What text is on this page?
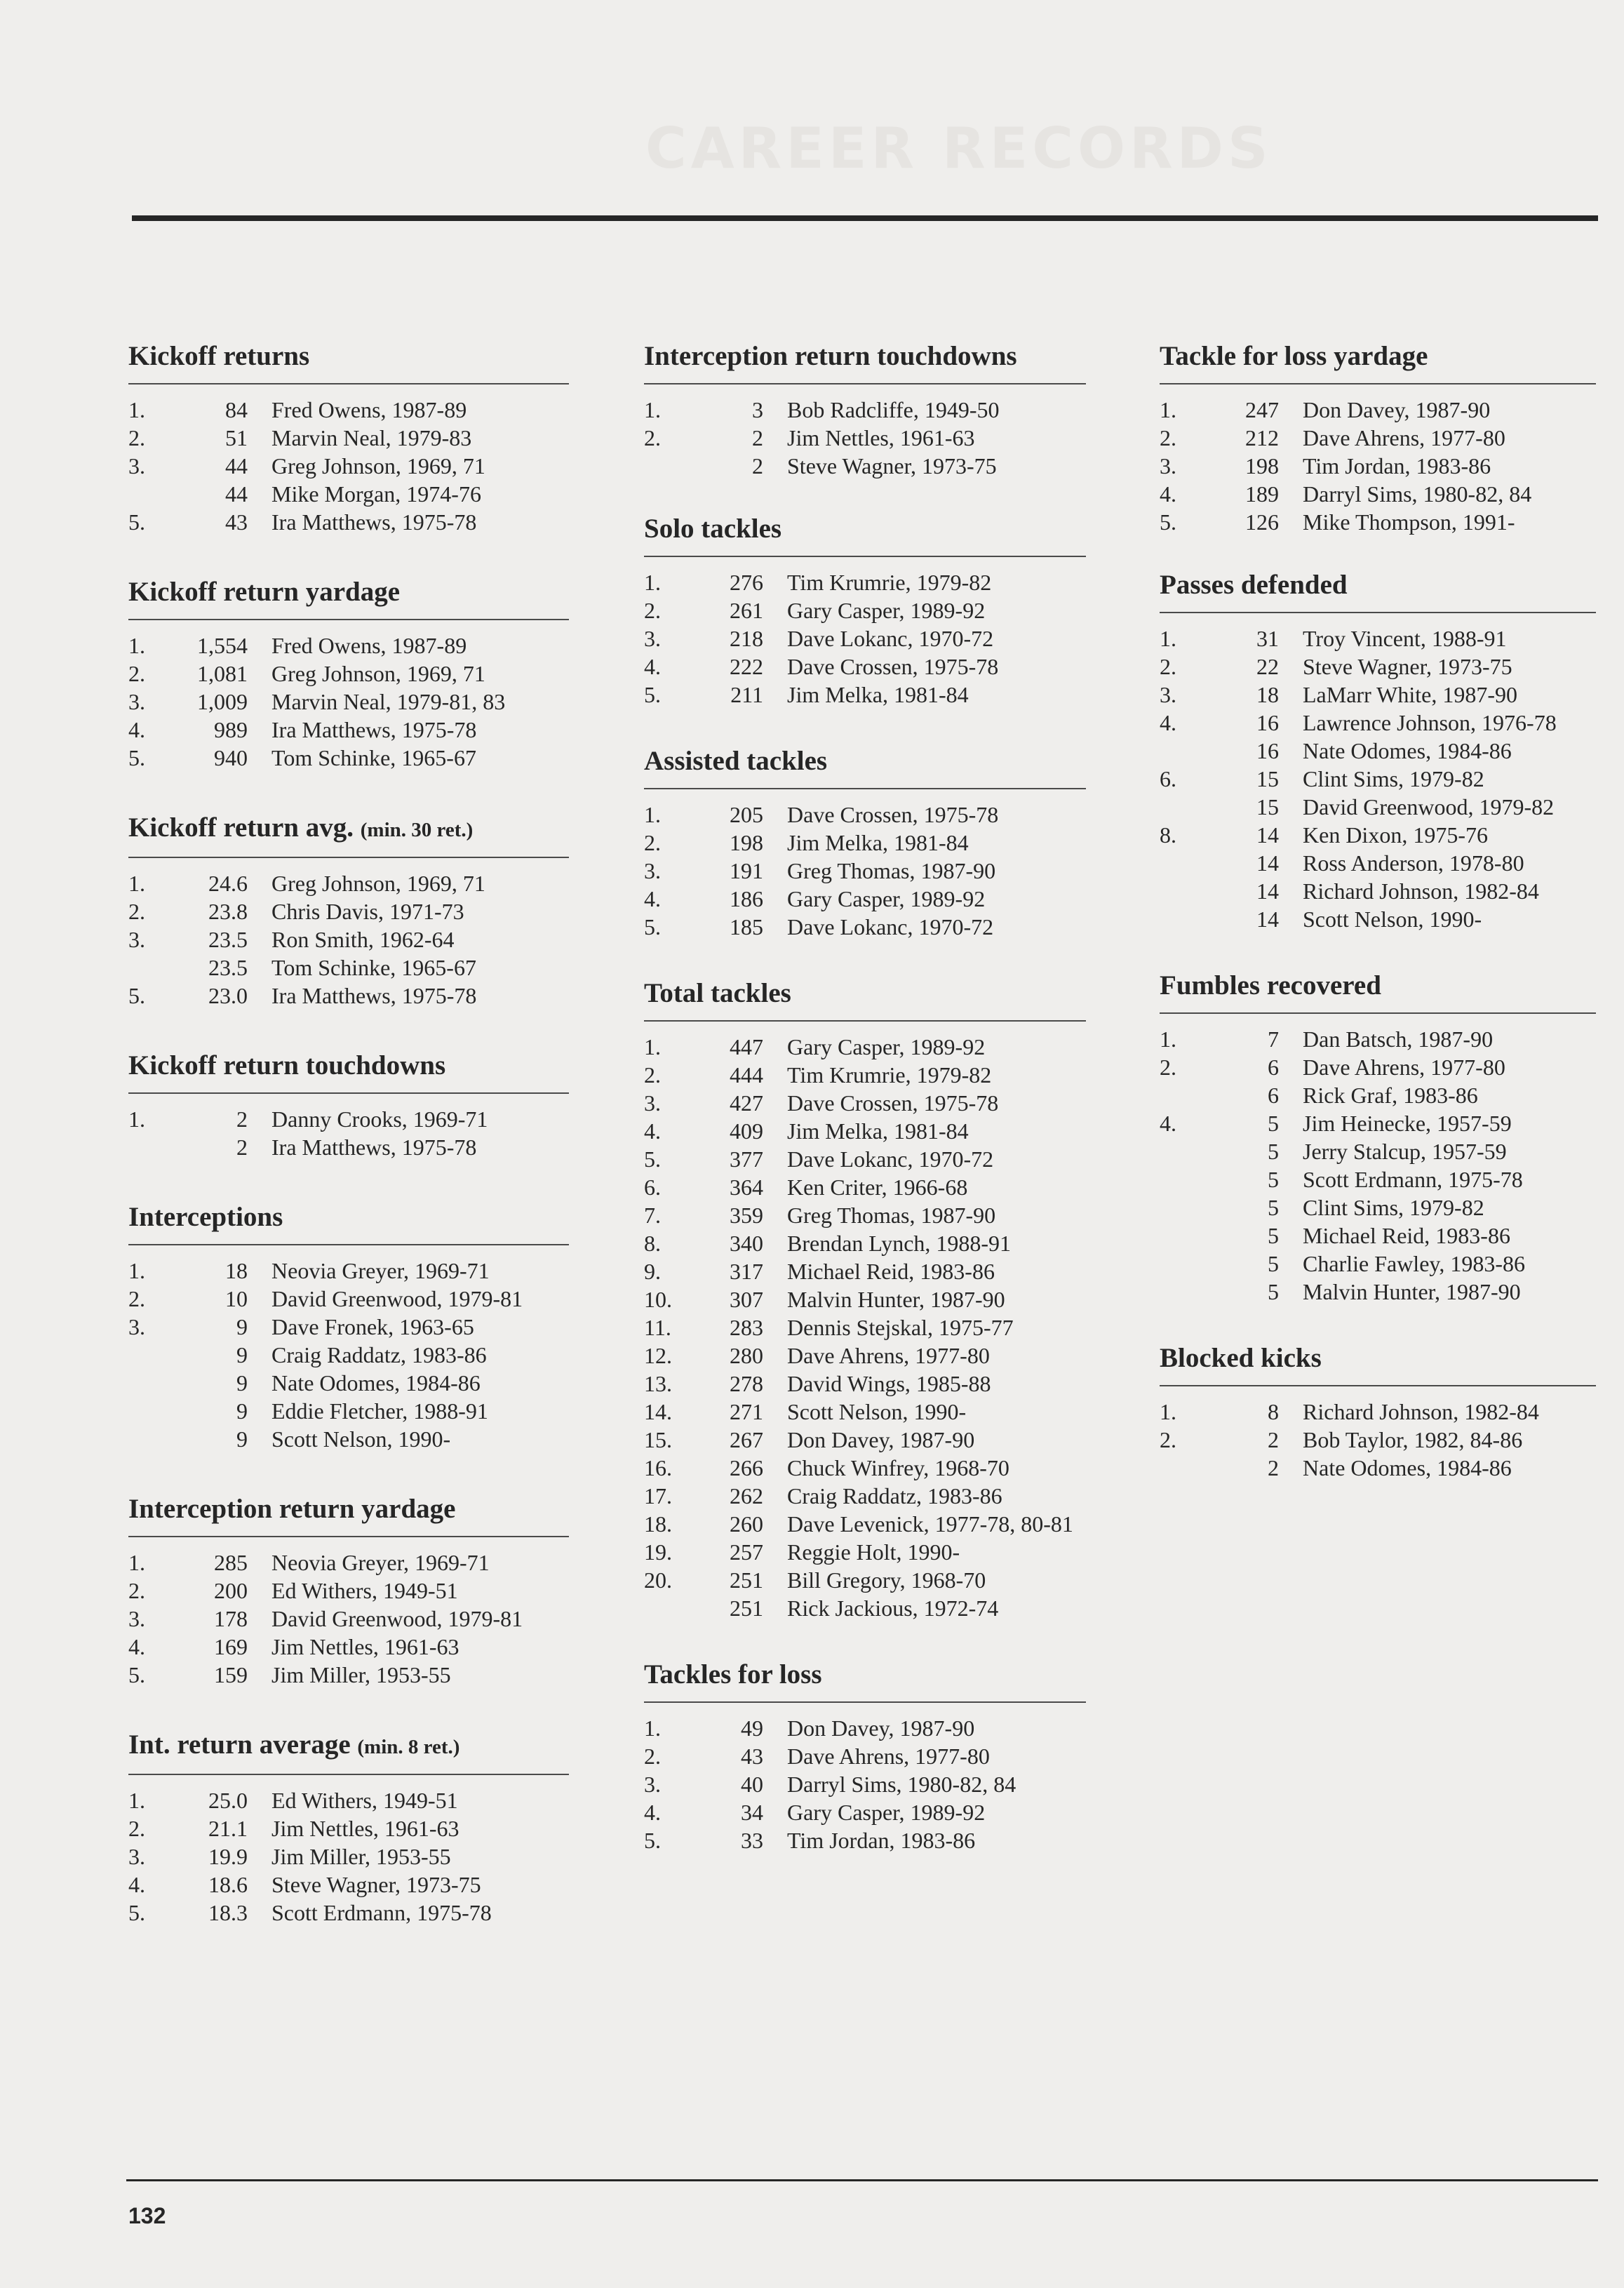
CAREER RECORDS
Kickoff returns
1.	84 Fred Owens, 1987-89
2.	51 Marvin Neal, 1979-83
3.	44 Greg Johnson, 1969, 71
44 Mike Morgan, 1974-76
5.	43 Ira Matthews, 1975-78
Kickoff return yardage
1. 1,554 Fred Owens, 1987-89
2. 1,081 Greg Johnson, 1969, 71
3. 1,009 Marvin Neal, 1979-81, 83
4.	989 Ira Matthews, 1975-78
5.	940 Tom Schinke, 1965-67
Kickoff return avg. (min. 30 ret.)
1.	24.6 Greg Johnson, 1969, 71
2.	23.8 Chris Davis, 1971-73
3.	23.5 Ron Smith, 1962-64
23.5 Tom Schinke, 1965-67
5.	23.0 Ira Matthews, 1975-78
Kickoff return touchdowns
1.	2 Danny Crooks, 1969-71
2 Ira Matthews, 1975-78
Interceptions
1.	18 Neovia Greyer, 1969-71
2.	10 David Greenwood, 1979-81
3.	9 Dave Fronek, 1963-65
9 Craig Raddatz, 1983-86
9 Nate Odomes, 1984-86
9 Eddie Fletcher, 1988-91
9 Scott Nelson, 1990-
Interception return yardage
1.	285 Neovia Greyer, 1969-71
2.	200 Ed Withers, 1949-51
3.	178 David Greenwood, 1979-81
4.	169 Jim Nettles, 1961-63
5.	159 Jim Miller, 1953-55
Int. return average (min. 8 ret.)
1.	25.0 Ed Withers, 1949-51
2.	21.1 Jim Nettles, 1961-63
3.	19.9 Jim Miller, 1953-55
4.	18.6 Steve Wagner, 1973-75
5.	18.3 Scott Erdmann, 1975-78
Interception return touchdowns
1.	3 Bob Radcliffe, 1949-50
2.	2 Jim Nettles, 1961-63
2 Steve Wagner, 1973-75
Solo tackles
1.	276 Tim Krumrie, 1979-82
2.	261 Gary Casper, 1989-92
3.	218 Dave Lokanc, 1970-72
4.	222 Dave Crossen, 1975-78
5.	211 Jim Melka, 1981-84
Assisted tackles
1.	205 Dave Crossen, 1975-78
2.	198 Jim Melka, 1981-84
3.	191 Greg Thomas, 1987-90
4.	186 Gary Casper, 1989-92
5.	185 Dave Lokanc, 1970-72
Total tackles
1.	447 Gary Casper, 1989-92
2.	444 Tim Krumrie, 1979-82
3.	427 Dave Crossen, 1975-78
4.	409 Jim Melka, 1981-84
5.	377 Dave Lokanc, 1970-72
6.	364 Ken Criter, 1966-68
7.	359 Greg Thomas, 1987-90
8.	340 Brendan Lynch, 1988-91
9.	317 Michael Reid, 1983-86
10.	307 Malvin Hunter, 1987-90
11.	283 Dennis Stejskal, 1975-77
12.	280 Dave Ahrens, 1977-80
13.	278 David Wings, 1985-88
14.	271 Scott Nelson, 1990-
15.	267 Don Davey, 1987-90
16.	266 Chuck Winfrey, 1968-70
17.	262 Craig Raddatz, 1983-86
18.	260 Dave Levenick, 1977-78, 80-81
19.	257 Reggie Holt, 1990-
20.	251 Bill Gregory, 1968-70
251 Rick Jackious, 1972-74
Tackles for loss
1.	49 Don Davey, 1987-90
2.	43 Dave Ahrens, 1977-80
3.	40 Darryl Sims, 1980-82, 84
4.	34 Gary Casper, 1989-92
5.	33 Tim Jordan, 1983-86
Tackle for loss yardage
1.	247 Don Davey, 1987-90
2.	212 Dave Ahrens, 1977-80
3.	198 Tim Jordan, 1983-86
4.	189 Darryl Sims, 1980-82, 84
5.	126 Mike Thompson, 1991-
Passes defended
1.	31 Troy Vincent, 1988-91
2.	22 Steve Wagner, 1973-75
3.	18 LaMarr White, 1987-90
4.	16 Lawrence Johnson, 1976-78
16 Nate Odomes, 1984-86
6.	15 Clint Sims, 1979-82
15 David Greenwood, 1979-82
8.	14 Ken Dixon, 1975-76
14 Ross Anderson, 1978-80
14 Richard Johnson, 1982-84
14 Scott Nelson, 1990-
Fumbles recovered
1.	7 Dan Batsch, 1987-90
2.	6 Dave Ahrens, 1977-80
6 Rick Graf, 1983-86
4.	5 Jim Heinecke, 1957-59
5 Jerry Stalcup, 1957-59
5 Scott Erdmann, 1975-78
5 Clint Sims, 1979-82
5 Michael Reid, 1983-86
5 Charlie Fawley, 1983-86
5 Malvin Hunter, 1987-90
Blocked kicks
1.	8 Richard Johnson, 1982-84
2.	2 Bob Taylor, 1982, 84-86
2 Nate Odomes, 1984-86
132
